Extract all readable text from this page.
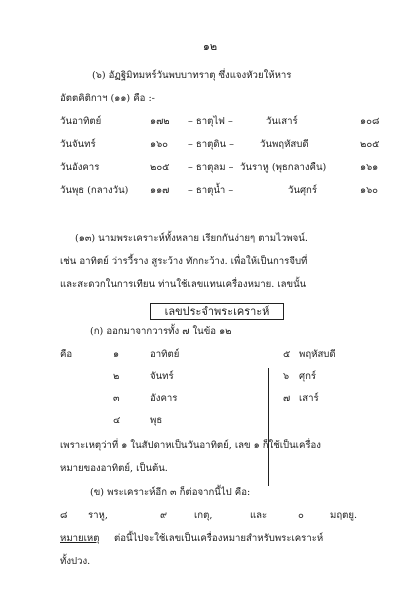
๑๒
(๖) อัฏฐิมิทมหร์วันพบบาทราตุ ซึ่งแจงหัวยให้หาร
อัตตคิติกาฯ (๑๑) คือ :-
วันอาทิตย์	๑๗๒ – ธาตุไฟ –	วันเสาร์	๑๐๘
วันจันทร์	๑๖๐ – ธาตุดิน –	วันพฤหัสบดี	๒๐๕
วันอังคาร	๒๐๕ – ธาตุลม – วันราหู (พุธกลางคืน)	๑๖๑
วันพุธ (กลางวัน) ๑๑๗ – ธาตุน้ำ –	วันศุกร์	๑๖๐
เลขประจำพระเคราะห์
(๑๓) นามพระเคราะห์ทั้งหลาย เรียกกันง่ายๆ ตามไวพจน์.
เช่น อาทิตย์ ว่ารวี้ราง สูระว้าง ทักกะว้าง. เพื่อให้เป็นการจีบที่
และสะดวกในการเทียน ท่านใช้เลขแทนเครื่องหมาย. เลขนั้น
(ก) ออกมาจากวารทั้ง ๗ ในข้อ ๑๒
คือ	๑	อาทิตย์
๒	จันทร์
๓	อังคาร
๔	พุธ
๕ พฤหัสบดี
๖ ศุกร์
๗ เสาร์
เพราะเหตุว่าที่ ๑ ในสัปดาหเป็นวันอาทิตย์, เลข ๑ ก็ใช้เป็นเครื่อง
หมายของอาทิตย์, เป็นต้น.
(ข) พระเคราะห์อีก ๓ ก็ต่อจากนี้ไป คือ:
๘ ราหู,	๙	เกตุ,	และ	๐	มฤตยู.
หมายเหตุ ต่อนี้ไปจะใช้เลขเป็นเครื่องหมายสำหรับพระเคราะห์
ทั้งปวง.
